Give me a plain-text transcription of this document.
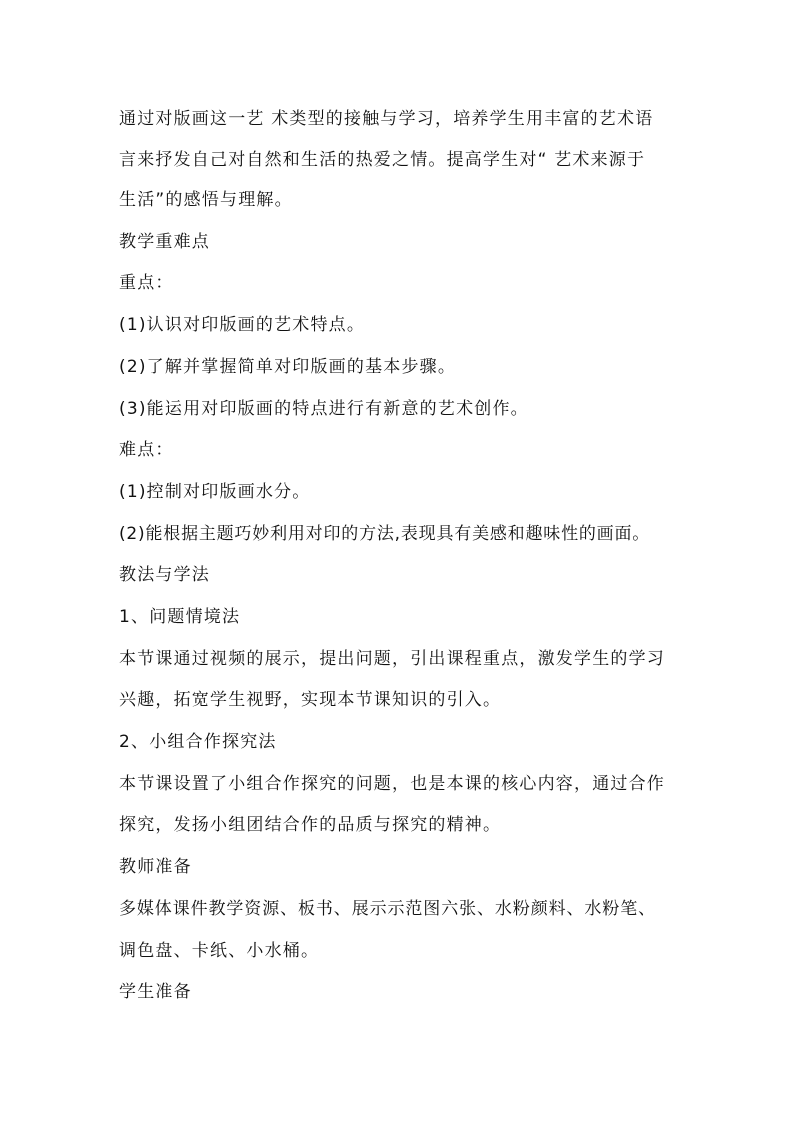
通过对版画这一艺 术类型的接触与学习，培养学生用丰富的艺术语
言来抒发自己对自然和生活的热爱之情。提高学生对“ 艺术来源于
生活”的感悟与理解。
教学重难点
重点：
(1)认识对印版画的艺术特点。
(2)了解并掌握简单对印版画的基本步骤。
(3)能运用对印版画的特点进行有新意的艺术创作。
难点：
(1)控制对印版画水分。
(2)能根据主题巧妙利用对印的方法,表现具有美感和趣味性的画面。
教法与学法
1、问题情境法
本节课通过视频的展示，提出问题，引出课程重点，激发学生的学习
兴趣，拓宽学生视野，实现本节课知识的引入。
2、小组合作探究法
本节课设置了小组合作探究的问题，也是本课的核心内容，通过合作
探究，发扬小组团结合作的品质与探究的精神。
教师准备
多媒体课件教学资源、板书、展示示范图六张、水粉颜料、水粉笔、
调色盘、卡纸、小水桶。
学生准备
